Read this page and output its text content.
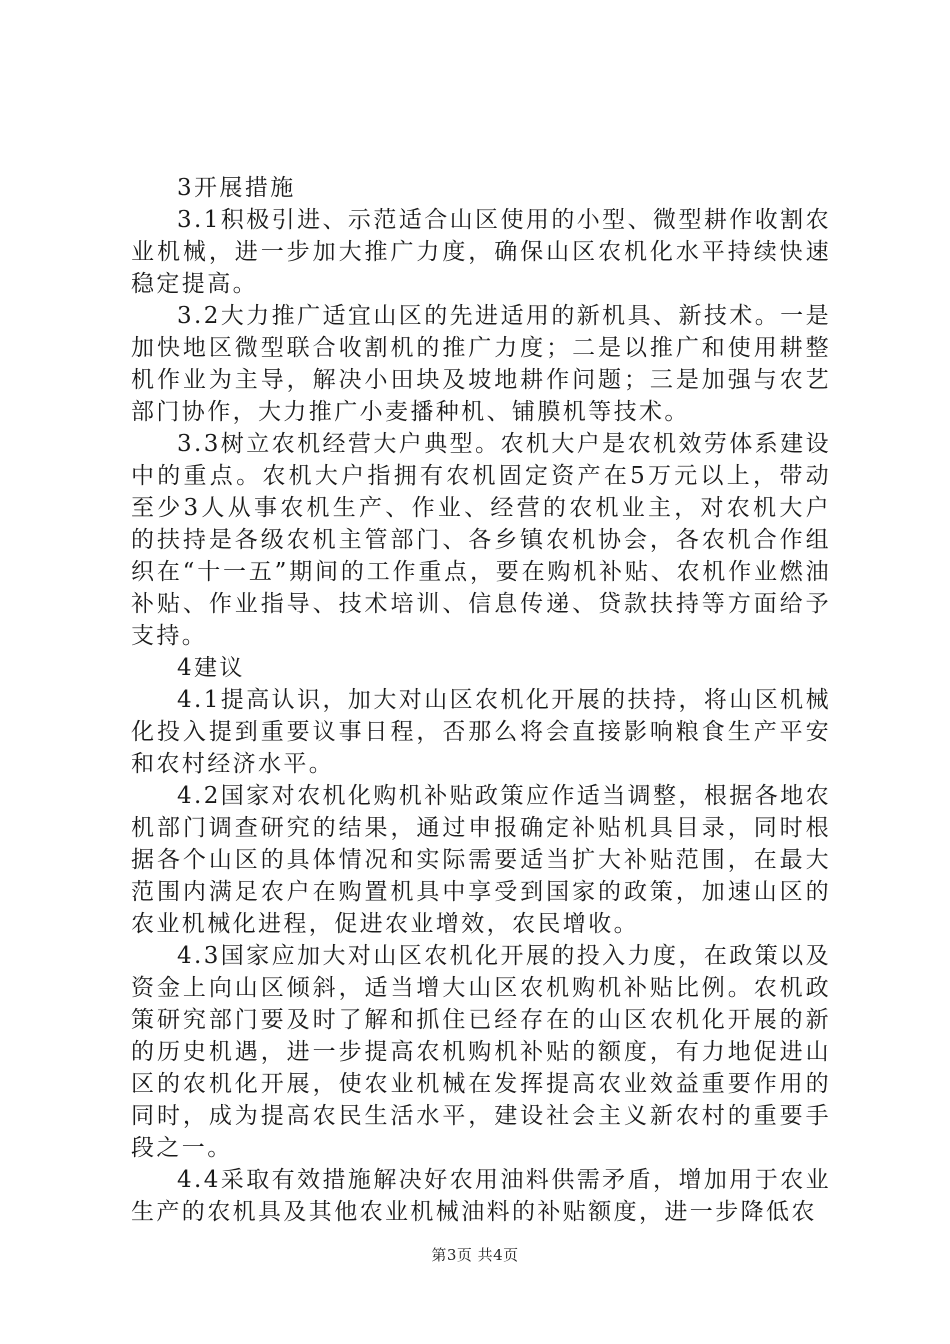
3开展措施

3.1积极引进、示范适合山区使用的小型、微型耕作收割农业机械，进一步加大推广力度，确保山区农机化水平持续快速稳定提高。

3.2大力推广适宜山区的先进适用的新机具、新技术。一是加快地区微型联合收割机的推广力度；二是以推广和使用耕整机作业为主导，解决小田块及坡地耕作问题；三是加强与农艺部门协作，大力推广小麦播种机、铺膜机等技术。

3.3树立农机经营大户典型。农机大户是农机效劳体系建设中的重点。农机大户指拥有农机固定资产在5万元以上，带动至少3人从事农机生产、作业、经营的农机业主，对农机大户的扶持是各级农机主管部门、各乡镇农机协会，各农机合作组织在“十一五”期间的工作重点，要在购机补贴、农机作业燃油补贴、作业指导、技术培训、信息传递、贷款扶持等方面给予支持。

4建议

4.1提高认识，加大对山区农机化开展的扶持，将山区机械化投入提到重要议事日程，否那么将会直接影响粮食生产平安和农村经济水平。

4.2国家对农机化购机补贴政策应作适当调整，根据各地农机部门调查研究的结果，通过申报确定补贴机具目录，同时根据各个山区的具体情况和实际需要适当扩大补贴范围，在最大范围内满足农户在购置机具中享受到国家的政策，加速山区的农业机械化进程，促进农业增效，农民增收。

4.3国家应加大对山区农机化开展的投入力度，在政策以及资金上向山区倾斜，适当增大山区农机购机补贴比例。农机政策研究部门要及时了解和抓住已经存在的山区农机化开展的新的历史机遇，进一步提高农机购机补贴的额度，有力地促进山区的农机化开展，使农业机械在发挥提高农业效益重要作用的同时，成为提高农民生活水平，建设社会主义新农村的重要手段之一。

4.4采取有效措施解决好农用油料供需矛盾，增加用于农业生产的农机具及其他农业机械油料的补贴额度，进一步降低农

第3页 共4页
